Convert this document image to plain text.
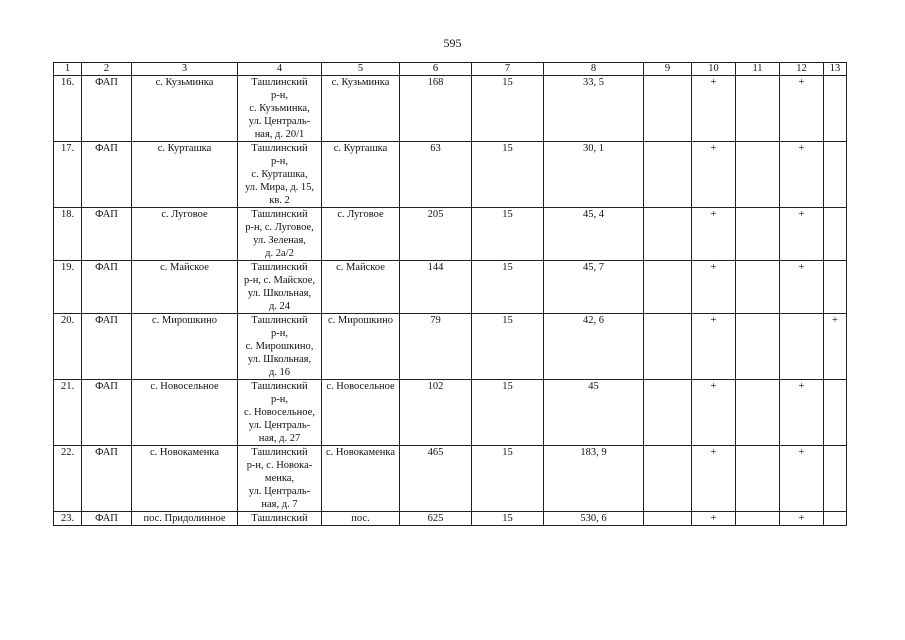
595
1	2	3	4	5	6	7	8	9	10	11	12	13
16.	ФАП	с. Кузьминка	Ташлинский
р-н,
с. Кузьминка,
ул. Централь-
ная, д. 20/1	с. Кузьминка	168	15	33, 5		+		+	
17.	ФАП	с. Курташка	Ташлинский
р-н,
с. Курташка,
ул. Мира, д. 15,
кв. 2	с. Курташка	63	15	30, 1		+		+	
18.	ФАП	с. Луговое	Ташлинский
р-н, с. Луговое,
ул. Зеленая,
д. 2а/2	с. Луговое	205	15	45, 4		+		+	
19.	ФАП	с. Майское	Ташлинский
р-н, с. Майское,
ул. Школьная,
д. 24	с. Майское	144	15	45, 7		+		+	
20.	ФАП	с. Мирошкино	Ташлинский
р-н,
с. Мирошкино,
ул. Школьная,
д. 16	с. Мирошкино	79	15	42, 6		+			+
21.	ФАП	с. Новосельное	Ташлинский
р-н,
с. Новосельное,
ул. Централь-
ная, д. 27	с. Новосельное	102	15	45		+		+	
22.	ФАП	с. Новокаменка	Ташлинский
р-н, с. Новока-
менка,
ул. Централь-
ная, д. 7	с. Новокаменка	465	15	183, 9		+		+	
23.	ФАП	пос. Придолинное	Ташлинский	пос.	625	15	530, 6		+		+	
